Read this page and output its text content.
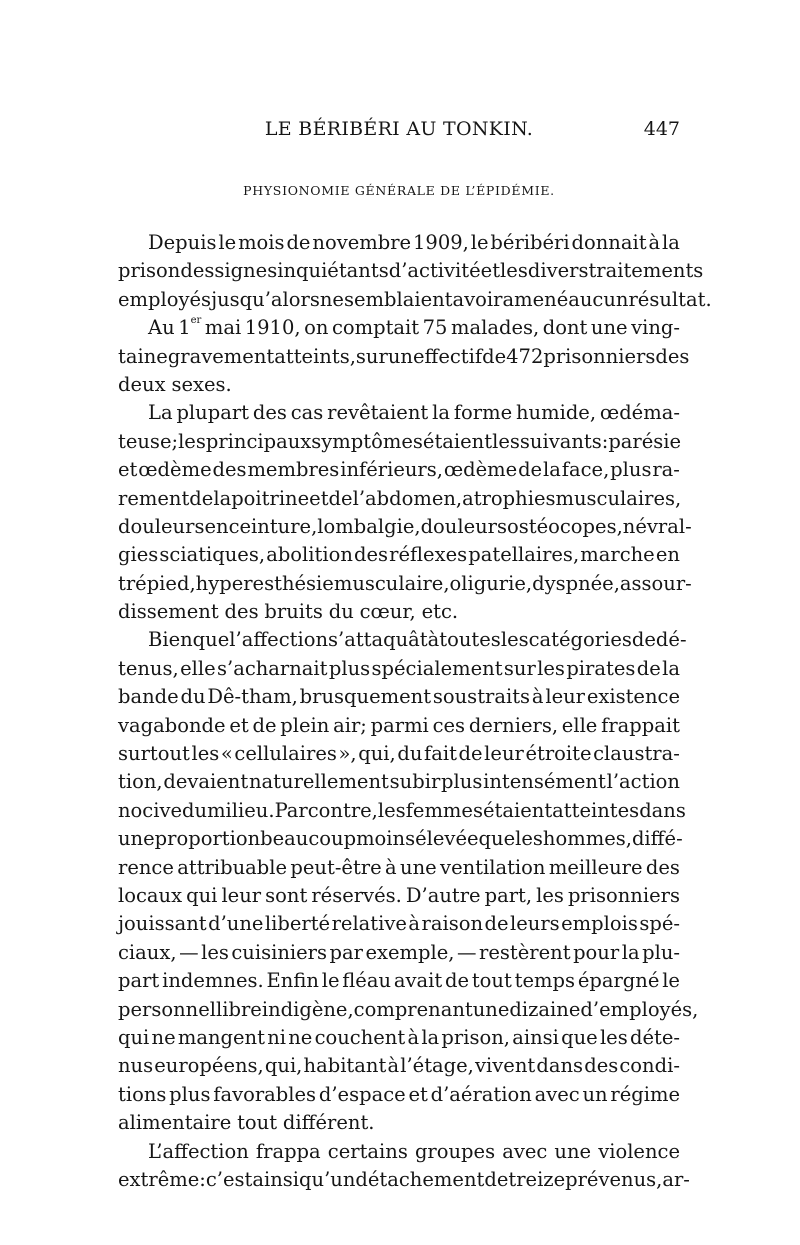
LE BÉRIBÉRI AU TONKIN.	447
PHYSIONOMIE GÉNÉRALE DE L’ÉPIDÉMIE.
Depuis le mois de novembre 1909, le béribéri donnait à la
prison des signes inquiétants d’activité et les divers traitements
employés jusqu’alors ne semblaient avoir amené aucun résultat.
Au 1er mai 1910, on comptait 75 malades, dont une ving-
taine gravement atteints, sur un effectif de 472 prisonniers des
deux sexes.
La plupart des cas revêtaient la forme humide, œdéma-
teuse; les principaux symptômes étaient les suivants : parésie
et œdème des membres inférieurs, œdème de la face, plus ra-
rement de la poitrine et de l’abdomen, atrophies musculaires,
douleurs en ceinture, lombalgie, douleurs ostéocopes, névral-
gies sciatiques, abolition des réflexes patellaires, marche en
trépied, hyperesthésie musculaire, oligurie, dyspnée, assour-
dissement des bruits du cœur, etc.
Bien que l’affection s’attaquât à toutes les catégories de dé-
tenus, elle s’acharnait plus spécialement sur les pirates de la
bande du Dê-tham, brusquement soustraits à leur existence
vagabonde et de plein air; parmi ces derniers, elle frappait
surtout les « cellulaires », qui, du fait de leur étroite claustra-
tion, devaient naturellement subir plus intensément l’action
nocive du milieu. Par contre, les femmes étaient atteintes dans
une proportion beaucoup moins élevée que les hommes, diffé-
rence attribuable peut-être à une ventilation meilleure des
locaux qui leur sont réservés. D’autre part, les prisonniers
jouissant d’une liberté relative à raison de leurs emplois spé-
ciaux, — les cuisiniers par exemple, — restèrent pour la plu-
part indemnes. Enfin le fléau avait de tout temps épargné le
personnel libre indigène, comprenant une dizaine d’employés,
qui ne mangent ni ne couchent à la prison, ainsi que les déte-
nus européens, qui, habitant à l’étage, vivent dans des condi-
tions plus favorables d’espace et d’aération avec un régime
alimentaire tout différent.
L’affection frappa certains groupes avec une violence
extrême : c’est ainsi qu’un détachement de treize prévenus, ar-
